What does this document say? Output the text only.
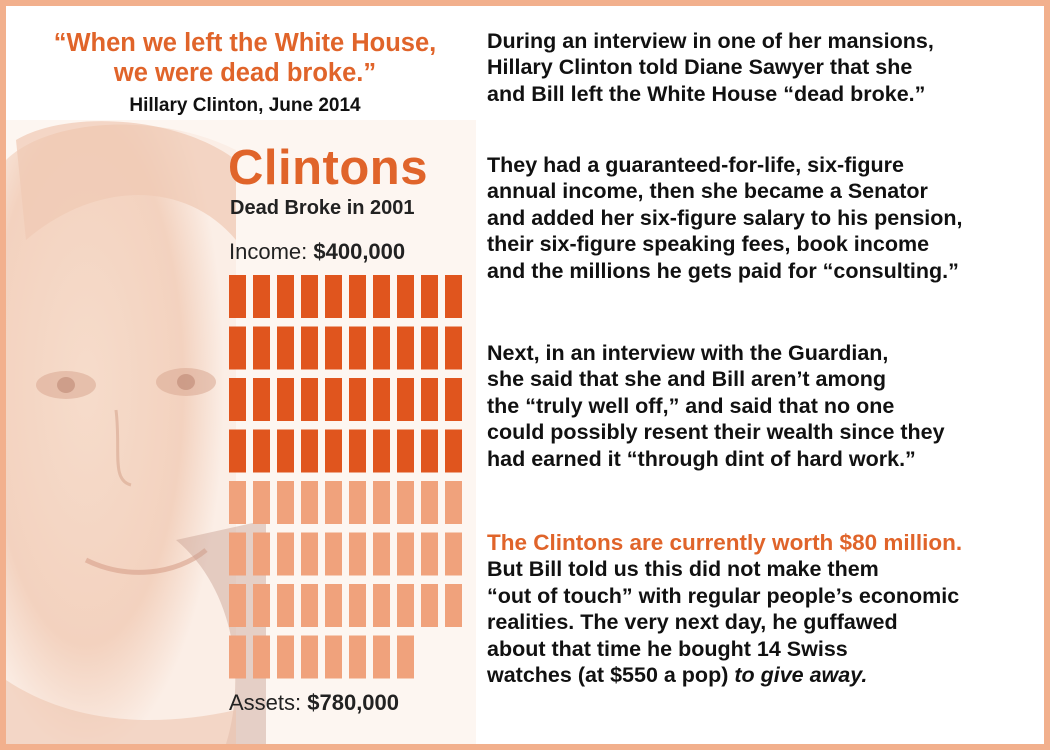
“When we left the White House,
we were dead broke.”
Hillary Clinton, June 2014
Clintons
Dead Broke in 2001
Income: $400,000
Assets: $780,000
During an interview in one of her mansions,
Hillary Clinton told Diane Sawyer that she
and Bill left the White House “dead broke.”
They had a guaranteed-for-life, six-figure
annual income, then she became a Senator
and added her six-figure salary to his pension,
their six-figure speaking fees, book income
and the millions he gets paid for “consulting.”
Next, in an interview with the Guardian,
she said that she and Bill aren’t among
the “truly well off,” and said that no one
could possibly resent their wealth since they
had earned it “through dint of hard work.”
The Clintons are currently worth $80 million.
But Bill told us this did not make them
“out of touch” with regular people’s economic
realities. The very next day, he guffawed
about that time he bought 14 Swiss
watches (at $550 a pop) to give away.
